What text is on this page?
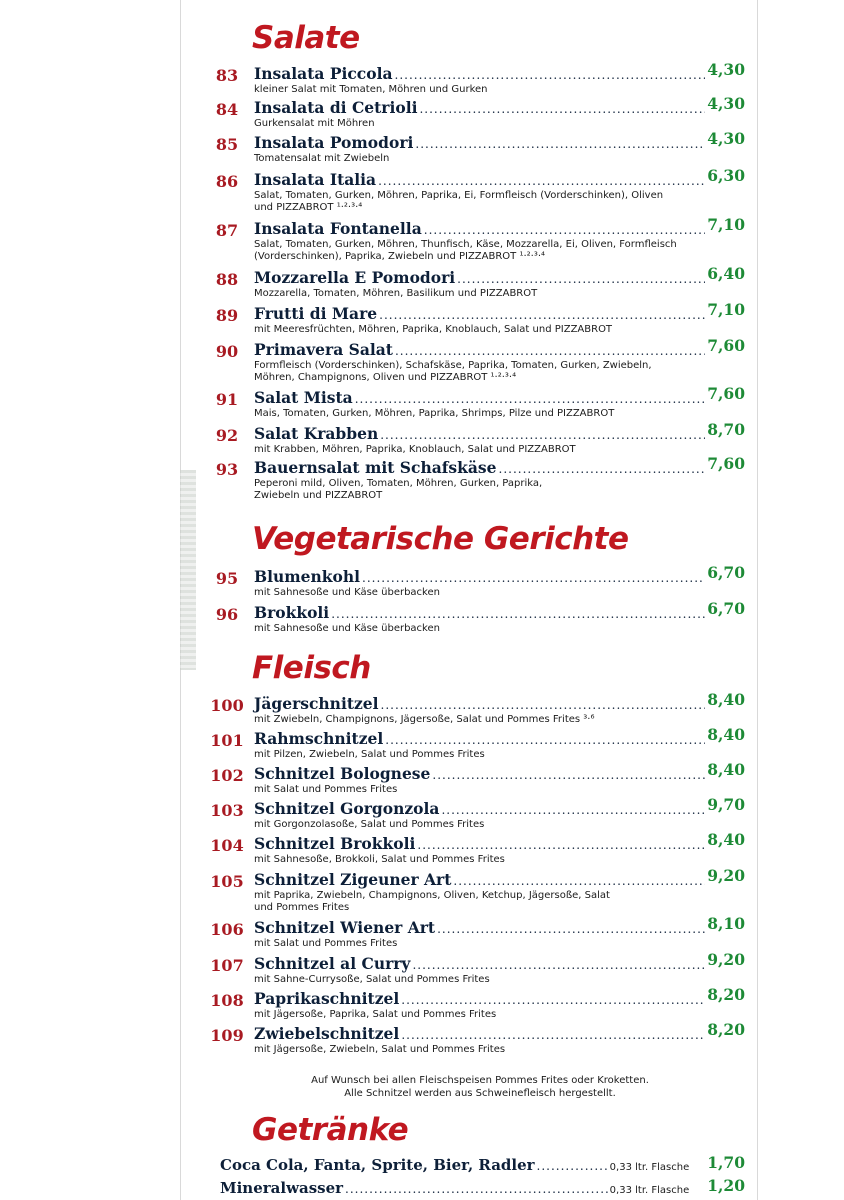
Salate
83	Insalata Piccola .....	4,30
kleiner Salat mit Tomaten, Möhren und Gurken
84	Insalata di Cetrioli .....	4,30
Gurkensalat mit Möhren
85	Insalata Pomodori .....	4,30
Tomatensalat mit Zwiebeln
86	Insalata Italia .....	6,30
Salat, Tomaten, Gurken, Möhren, Paprika, Ei, Formfleisch (Vorderschinken), Oliven und PIZZABROT ¹·²·³·⁴
87	Insalata Fontanella .....	7,10
Salat, Tomaten, Gurken, Möhren, Thunfisch, Käse, Mozzarella, Ei, Oliven, Formfleisch (Vorderschinken), Paprika, Zwiebeln und PIZZABROT ¹·²·³·⁴
88	Mozzarella E Pomodori .....	6,40
Mozzarella, Tomaten, Möhren, Basilikum und PIZZABROT
89	Frutti di Mare .....	7,10
mit Meeresfrüchten, Möhren, Paprika, Knoblauch, Salat und PIZZABROT
90	Primavera Salat .....	7,60
Formfleisch (Vorderschinken), Schafskäse, Paprika, Tomaten, Gurken, Zwiebeln, Möhren, Champignons, Oliven und PIZZABROT ¹·²·³·⁴
91	Salat Mista .....	7,60
Mais, Tomaten, Gurken, Möhren, Paprika, Shrimps, Pilze und PIZZABROT
92	Salat Krabben .....	8,70
mit Krabben, Möhren, Paprika, Knoblauch, Salat und PIZZABROT
93	Bauernsalat mit Schafskäse .....	7,60
Peperoni mild, Oliven, Tomaten, Möhren, Gurken, Paprika, Zwiebeln und PIZZABROT
Vegetarische Gerichte
95	Blumenkohl .....	6,70
mit Sahnesoße und Käse überbacken
96	Brokkoli .....	6,70
mit Sahnesoße und Käse überbacken
Fleisch
100 Jägerschnitzel .....	8,40
mit Zwiebeln, Champignons, Jägersoße, Salat und Pommes Frites ³·⁶
101 Rahmschnitzel .....	8,40
mit Pilzen, Zwiebeln, Salat und Pommes Frites
102 Schnitzel Bolognese .....	8,40
mit Salat und Pommes Frites
103 Schnitzel Gorgonzola .....	9,70
mit Gorgonzolasoße, Salat und Pommes Frites
104 Schnitzel Brokkoli .....	8,40
mit Sahnesoße, Brokkoli, Salat und Pommes Frites
105 Schnitzel Zigeuner Art .....	9,20
mit Paprika, Zwiebeln, Champignons, Oliven, Ketchup, Jägersoße, Salat und Pommes Frites
106 Schnitzel Wiener Art .....	8,10
mit Salat und Pommes Frites
107 Schnitzel al Curry .....	9,20
mit Sahne-Currysoße, Salat und Pommes Frites
108 Paprikaschnitzel .....	8,20
mit Jägersoße, Paprika, Salat und Pommes Frites
109 Zwiebelschnitzel .....	8,20
mit Jägersoße, Zwiebeln, Salat und Pommes Frites
Auf Wunsch bei allen Fleischspeisen Pommes Frites oder Kroketten.
Alle Schnitzel werden aus Schweinefleisch hergestellt.
Getränke
Coca Cola, Fanta, Sprite, Bier, Radler .....	0,33 ltr. Flasche 1,70
Mineralwasser .....	0,33 ltr. Flasche 1,20
